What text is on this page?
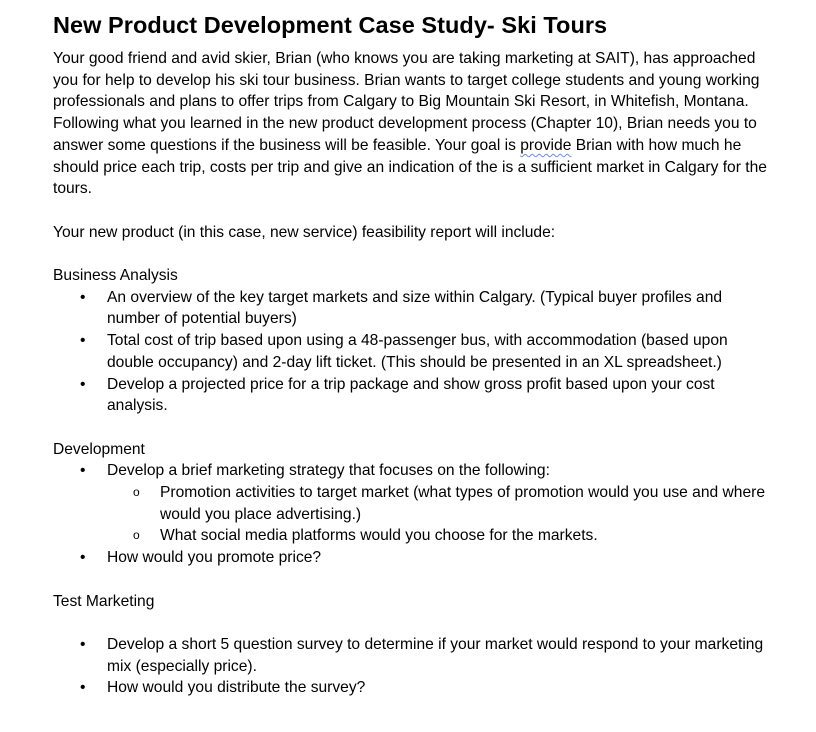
New Product Development Case Study- Ski Tours

Your good friend and avid skier, Brian (who knows you are taking marketing at SAIT), has approached you for help to develop his ski tour business. Brian wants to target college students and young working professionals and plans to offer trips from Calgary to Big Mountain Ski Resort, in Whitefish, Montana. Following what you learned in the new product development process (Chapter 10), Brian needs you to answer some questions if the business will be feasible. Your goal is provide Brian with how much he should price each trip, costs per trip and give an indication of the is a sufficient market in Calgary for the tours.

Your new product (in this case, new service) feasibility report will include:

Business Analysis

• An overview of the key target markets and size within Calgary. (Typical buyer profiles and number of potential buyers)
• Total cost of trip based upon using a 48-passenger bus, with accommodation (based upon double occupancy) and 2-day lift ticket. (This should be presented in an XL spreadsheet.)
• Develop a projected price for a trip package and show gross profit based upon your cost analysis.

Development

• Develop a brief marketing strategy that focuses on the following:
o Promotion activities to target market (what types of promotion would you use and where would you place advertising.)
o What social media platforms would you choose for the markets.
• How would you promote price?

Test Marketing

• Develop a short 5 question survey to determine if your market would respond to your marketing mix (especially price).
• How would you distribute the survey?
